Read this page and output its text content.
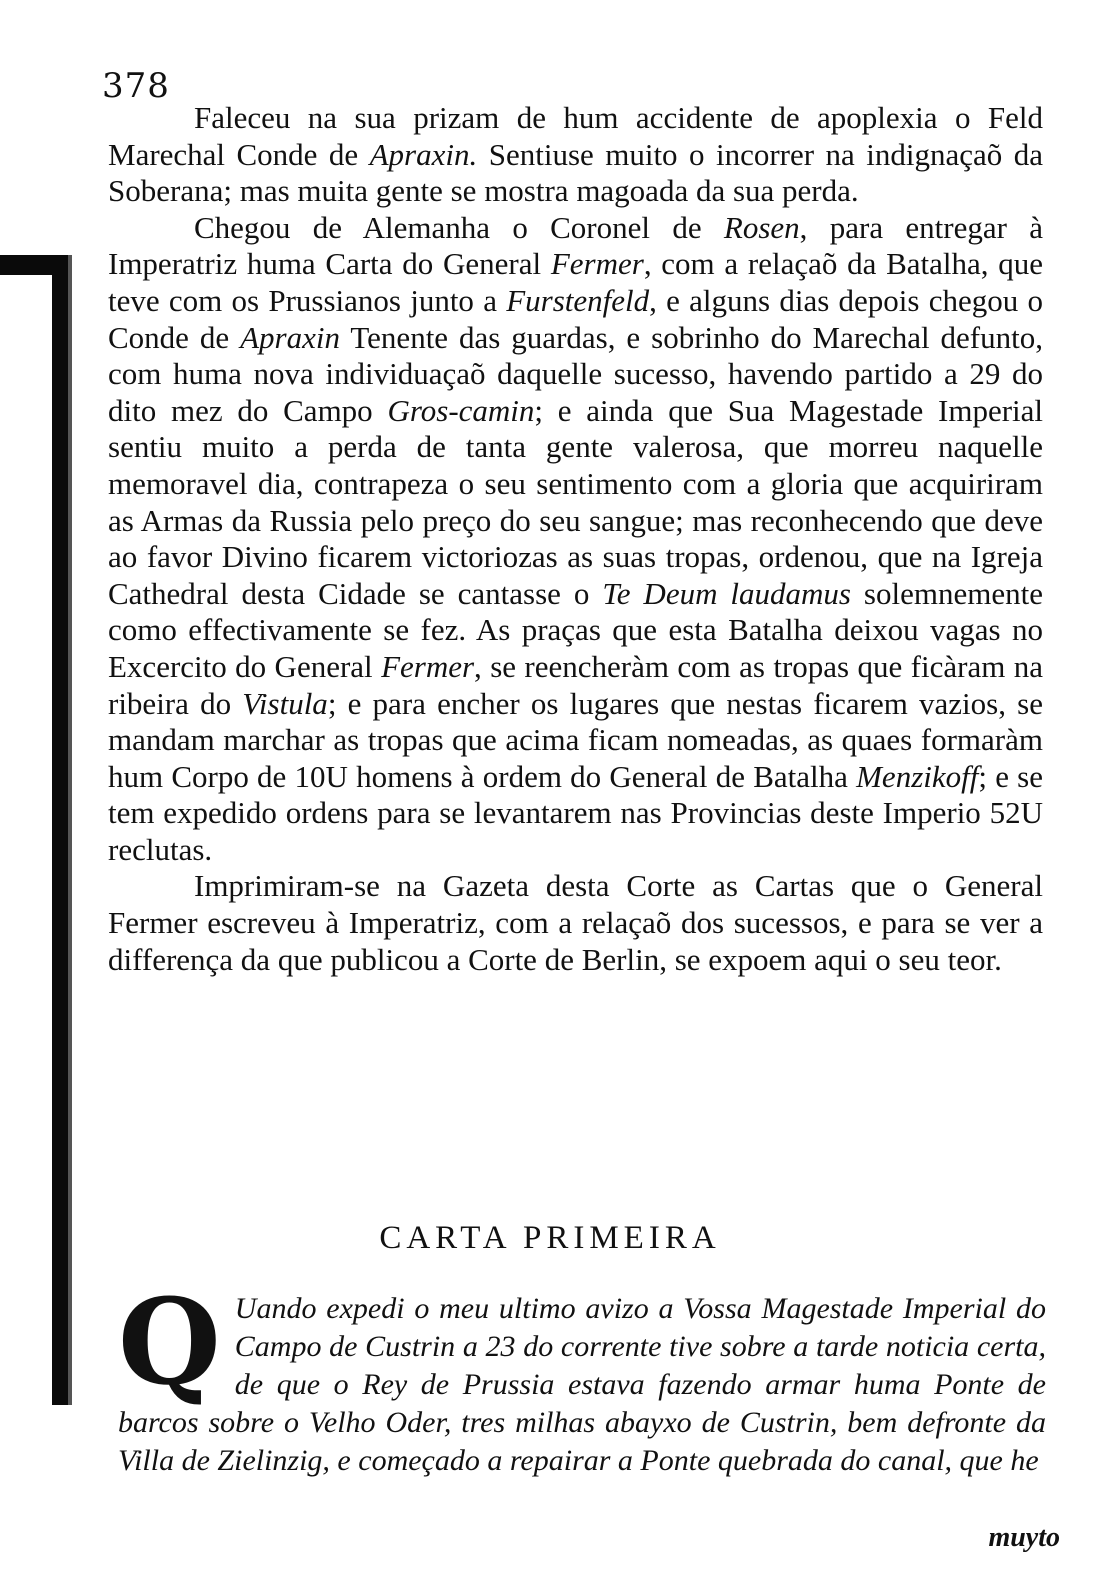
378

Faleceu na sua prizam de hum accidente de apoplexia o Feld Marechal Conde de Apraxin. Sentiuse muito o incorrer na indignaçaõ da Soberana; mas muita gente se mostra magoada da sua perda.

Chegou de Alemanha o Coronel de Rosen, para entregar à Imperatriz huma Carta do General Fermer, com a relaçaõ da Batalha, que teve com os Prussianos junto a Furstenfeld, e alguns dias depois chegou o Conde de Apraxin Tenente das guardas, e sobrinho do Marechal defunto, com huma nova individuaçaõ daquelle sucesso, havendo partido a 29 do dito mez do Campo Gros-camin; e ainda que Sua Magestade Imperial sentiu muito a perda de tanta gente valerosa, que morreu naquelle memoravel dia, contrapeza o seu sentimento com a gloria que acquiriram as Armas da Russia pelo preço do seu sangue; mas reconhecendo que deve ao favor Divino ficarem victoriozas as suas tropas, ordenou, que na Igreja Cathedral desta Cidade se cantasse o Te Deum laudamus solemnemente como effectivamente se fez. As praças que esta Batalha deixou vagas no Excercito do General Fermer, se reencheràm com as tropas que ficàram na ribeira do Vistula; e para encher os lugares que nestas ficarem vazios, se mandam marchar as tropas que acima ficam nomeadas, as quaes formaràm hum Corpo de 10U homens à ordem do General de Batalha Menzikoff; e se tem expedido ordens para se levantarem nas Provincias deste Imperio 52U reclutas.

Imprimiram-se na Gazeta desta Corte as Cartas que o General Fermer escreveu à Imperatriz, com a relaçaõ dos sucessos, e para se ver a differença da que publicou a Corte de Berlin, se expoem aqui o seu teor.

CARTA PRIMEIRA
Q Uando expedi o meu ultimo avizo a Vossa Magestade Imperial do Campo de Custrin a 23 do corrente tive sobre a tarde noticia certa, de que o Rey de Prussia estava fazendo armar huma Ponte de barcos sobre o Velho Oder, tres milhas abayxo de Custrin, bem defronte da Villa de Zielinzig, e começado a repairar a Ponte quebrada do canal, que he
muyto
